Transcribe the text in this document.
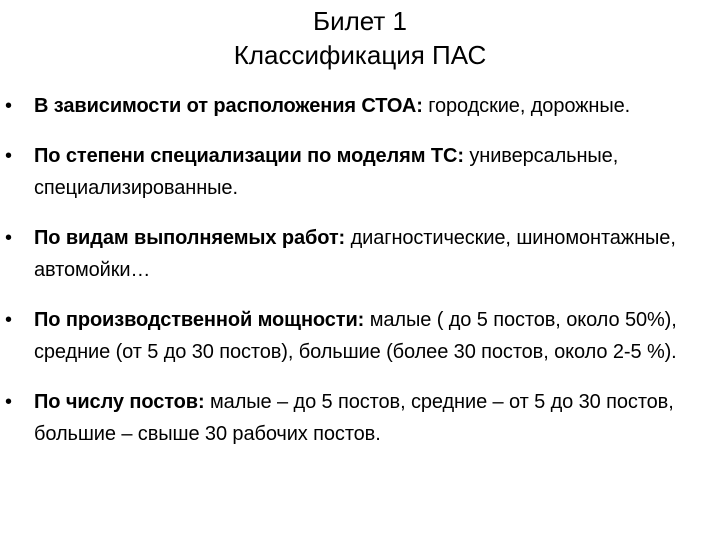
Билет 1
Классификация ПАС
• В зависимости от расположения СТОА: городские, дорожные.
• По степени специализации по моделям ТС: универсальные, специализированные.
• По видам выполняемых работ: диагностические, шиномонтажные, автомойки…
• По производственной мощности: малые ( до 5 постов, около 50%), средние (от 5 до 30 постов), большие (более 30 постов, около 2-5 %).
• По числу постов: малые – до 5 постов, средние – от 5 до 30 постов, большие – свыше 30 рабочих постов.
